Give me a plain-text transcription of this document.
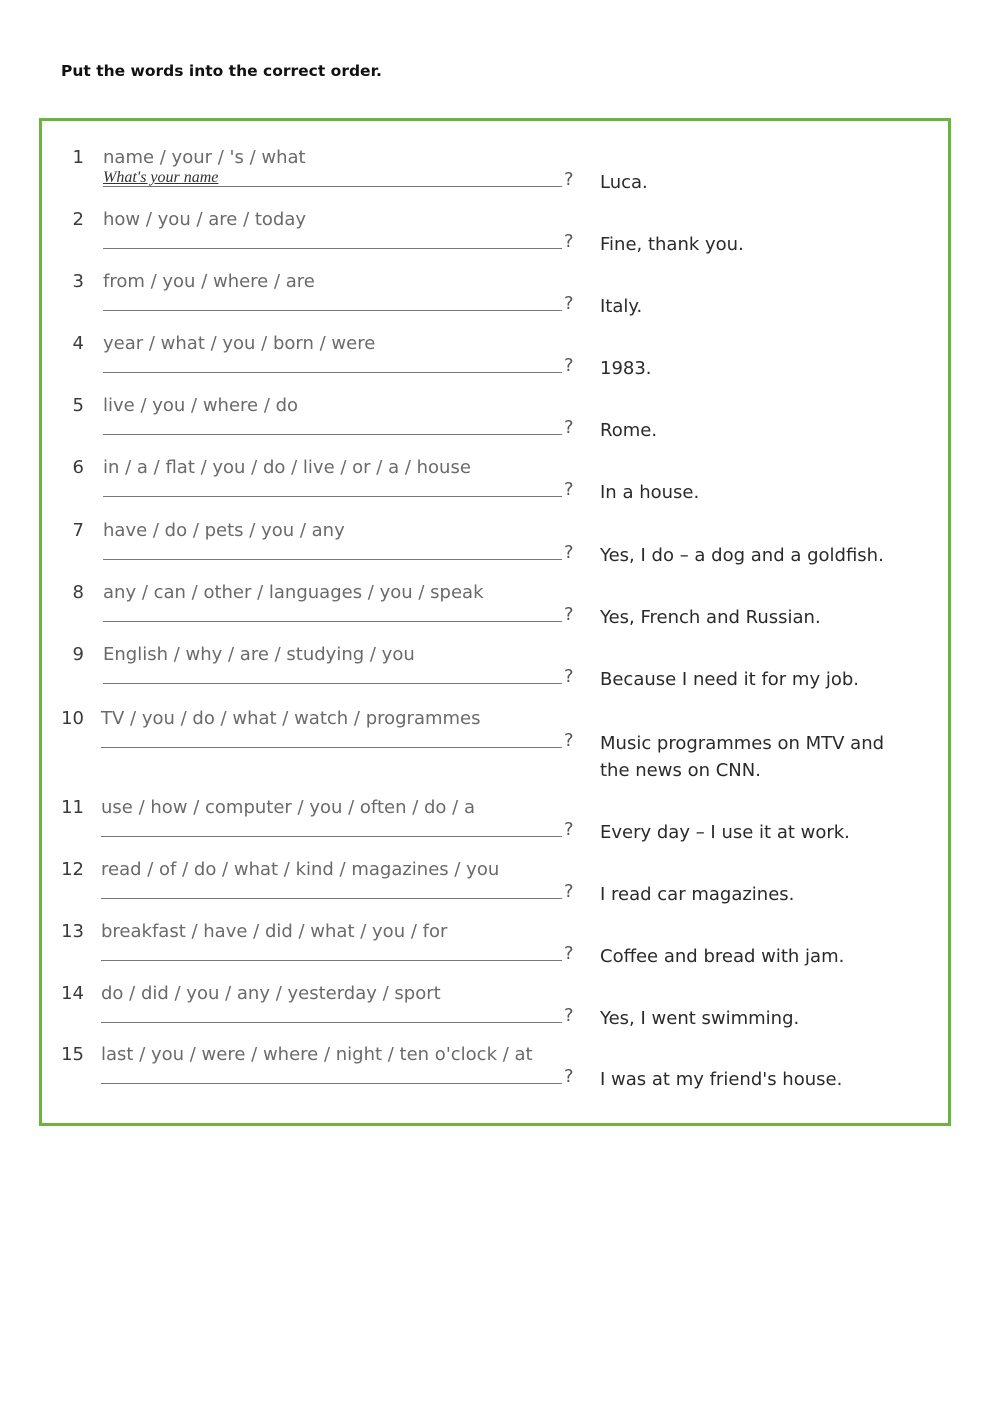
Put the words into the correct order.
1 name / your / 's / what
What's your name
? Luca.
2 how / you / are / today
? Fine, thank you.
3 from / you / where / are
? Italy.
4 year / what / you / born / were
? 1983.
5 live / you / where / do
? Rome.
6 in / a / flat / you / do / live / or / a / house
? In a house.
7 have / do / pets / you / any
? Yes, I do – a dog and a goldfish.
8 any / can / other / languages / you / speak
? Yes, French and Russian.
9 English / why / are / studying / you
? Because I need it for my job.
10 TV / you / do / what / watch / programmes
? Music programmes on MTV and the news on CNN.
11 use / how / computer / you / often / do / a
? Every day – I use it at work.
12 read / of / do / what / kind / magazines / you
? I read car magazines.
13 breakfast / have / did / what / you / for
? Coffee and bread with jam.
14 do / did / you / any / yesterday / sport
? Yes, I went swimming.
15 last / you / were / where / night / ten o'clock / at
? I was at my friend's house.
